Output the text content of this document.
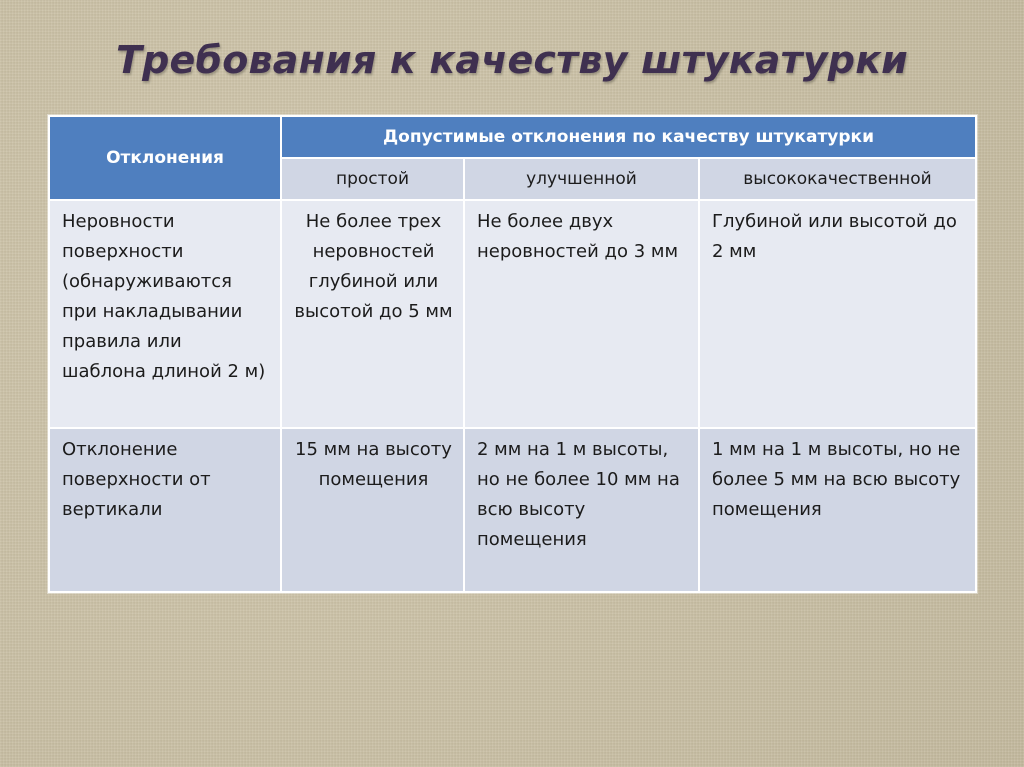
Требования к качеству штукатурки
Отклонения	Допустимые отклонения по качеству штукатурки		
	простой	улучшенной	высококачественной
Неровности поверхности (обнаруживаются при накладывании правила или шаблона длиной 2 м)	Не более трех неровностей глубиной или высотой до 5 мм	Не более двух неровностей до 3 мм	Глубиной или высотой до 2 мм
Отклонение поверхности от вертикали	15 мм на высоту помещения	2 мм на 1 м высоты, но не более 10 мм на всю высоту помещения	1 мм на 1 м высоты, но не более 5 мм на всю высоту помещения
